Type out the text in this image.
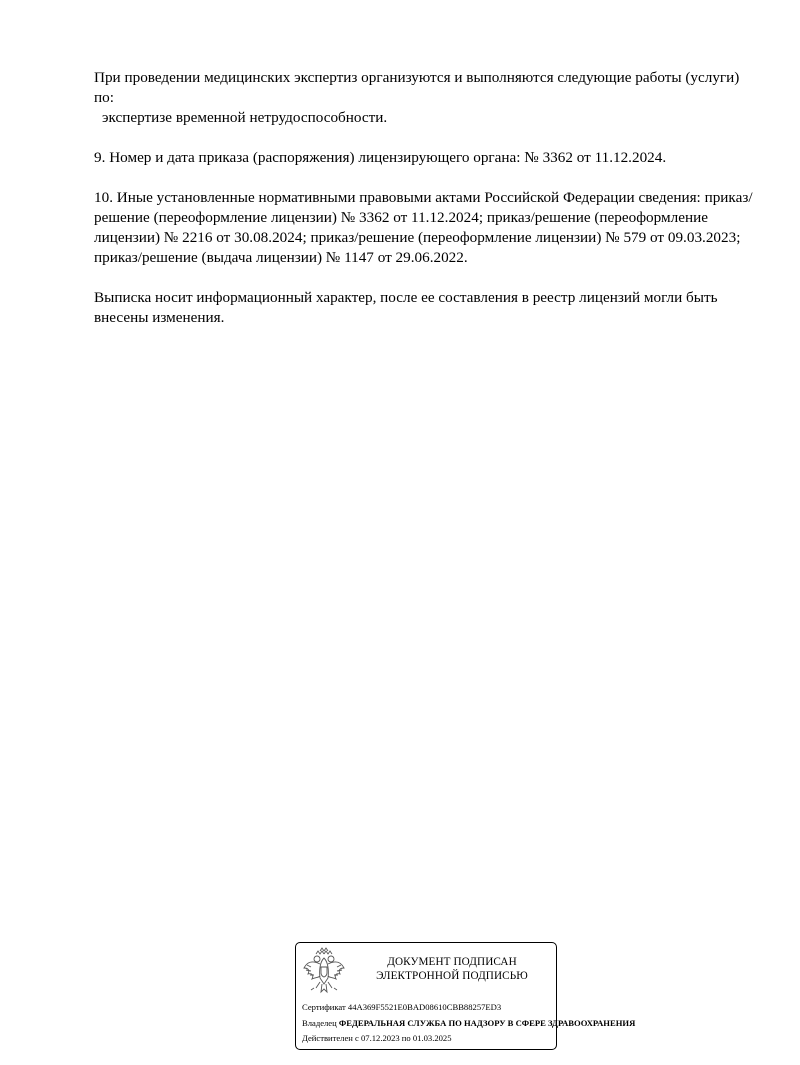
При проведении медицинских экспертиз организуются и выполняются следующие работы (услуги) по:

экспертизе временной нетрудоспособности.

9. Номер и дата приказа (распоряжения) лицензирующего органа: № 3362 от 11.12.2024.

10. Иные установленные нормативными правовыми актами Российской Федерации сведения: приказ/решение (переоформление лицензии) № 3362 от 11.12.2024; приказ/решение (переоформление лицензии) № 2216 от 30.08.2024; приказ/решение (переоформление лицензии) № 579 от 09.03.2023; приказ/решение (выдача лицензии) № 1147 от 29.06.2022.

Выписка носит информационный характер, после ее составления в реестр лицензий могли быть внесены изменения.

ДОКУМЕНТ ПОДПИСАН
ЭЛЕКТРОННОЙ ПОДПИСЬЮ
Сертификат 44A369F5521E0BAD08610CBB88257ED3
Владелец ФЕДЕРАЛЬНАЯ СЛУЖБА ПО НАДЗОРУ В СФЕРЕ ЗДРАВООХРАНЕНИЯ
Действителен с 07.12.2023 по 01.03.2025
